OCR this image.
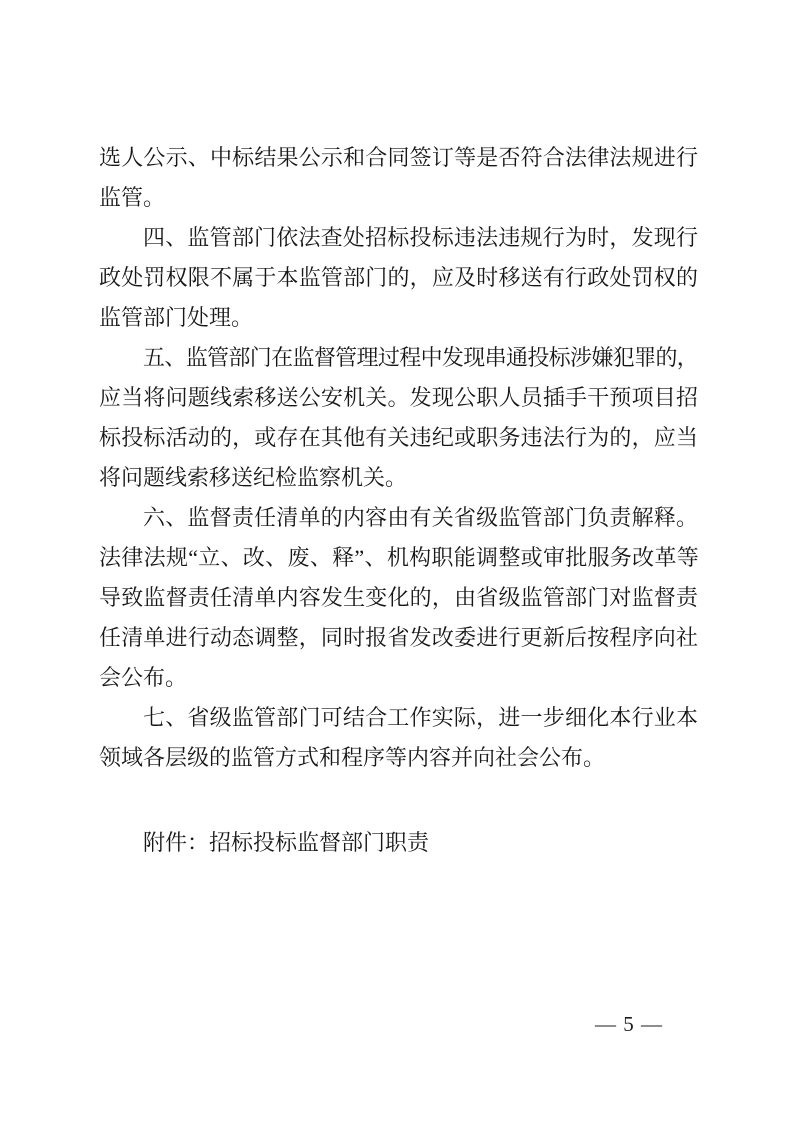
选人公示、中标结果公示和合同签订等是否符合法律法规进行
监管。

四、监管部门依法查处招标投标违法违规行为时，发现行
政处罚权限不属于本监管部门的，应及时移送有行政处罚权的
监管部门处理。

五、监管部门在监督管理过程中发现串通投标涉嫌犯罪的，
应当将问题线索移送公安机关。发现公职人员插手干预项目招
标投标活动的，或存在其他有关违纪或职务违法行为的，应当
将问题线索移送纪检监察机关。

六、监督责任清单的内容由有关省级监管部门负责解释。
法律法规“立、改、废、释”、机构职能调整或审批服务改革等
导致监督责任清单内容发生变化的，由省级监管部门对监督责
任清单进行动态调整，同时报省发改委进行更新后按程序向社
会公布。

七、省级监管部门可结合工作实际，进一步细化本行业本
领域各层级的监管方式和程序等内容并向社会公布。

附件：招标投标监督部门职责

— 5 —
